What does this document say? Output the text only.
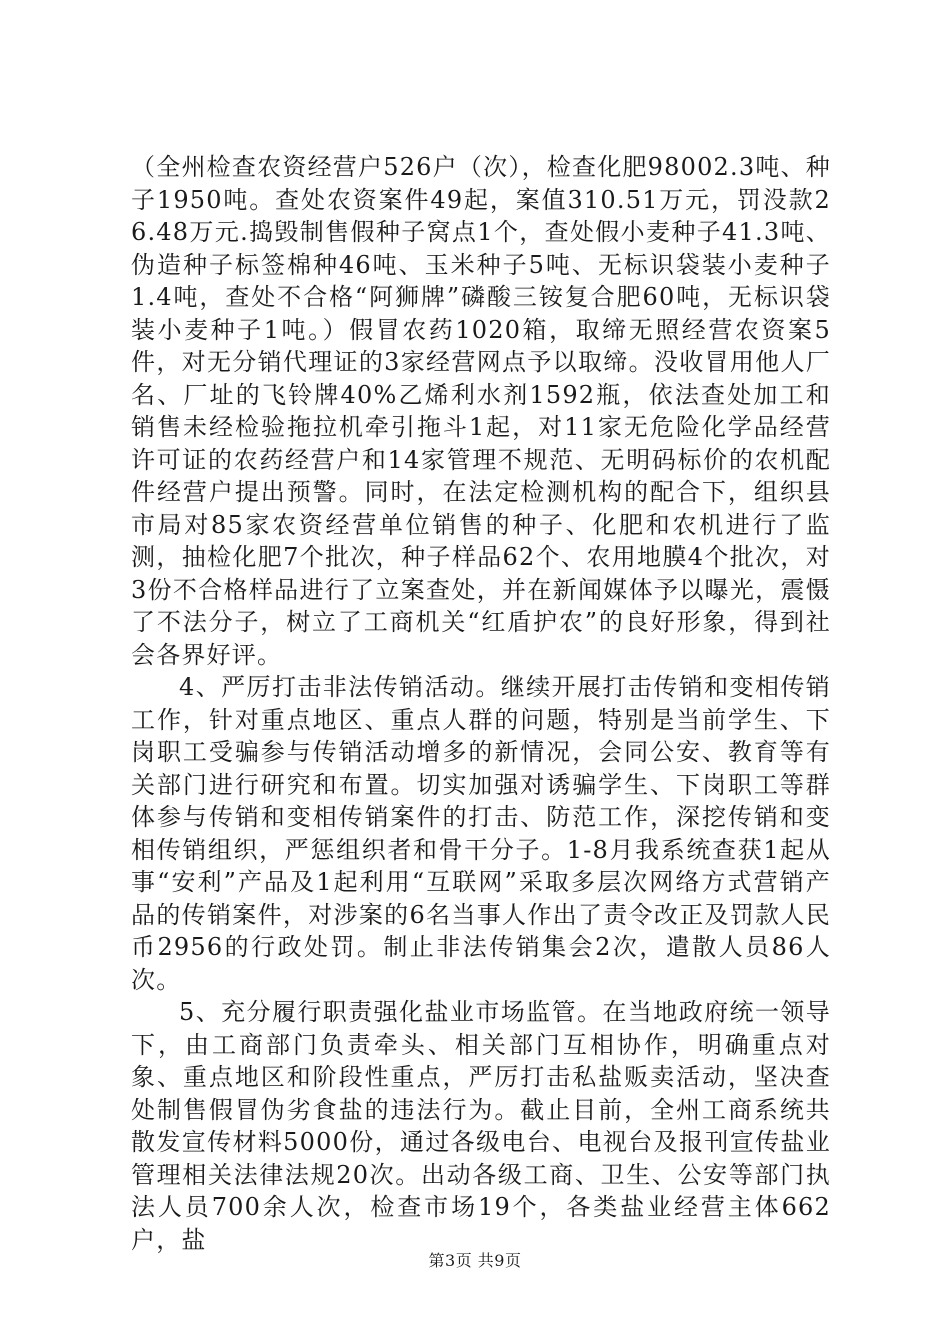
（全州检查农资经营户526户（次），检查化肥98002.3吨、种子1950吨。查处农资案件49起，案值310.51万元，罚没款26.48万元.捣毁制售假种子窝点1个，查处假小麦种子41.3吨、伪造种子标签棉种46吨、玉米种子5吨、无标识袋装小麦种子1.4吨，查处不合格“阿狮牌”磷酸三铵复合肥60吨，无标识袋装小麦种子1吨。）假冒农药1020箱，取缔无照经营农资案5件，对无分销代理证的3家经营网点予以取缔。没收冒用他人厂名、厂址的飞铃牌40%乙烯利水剂1592瓶，依法查处加工和销售未经检验拖拉机牵引拖斗1起，对11家无危险化学品经营许可证的农药经营户和14家管理不规范、无明码标价的农机配件经营户提出预警。同时，在法定检测机构的配合下，组织县市局对85家农资经营单位销售的种子、化肥和农机进行了监测，抽检化肥7个批次，种子样品62个、农用地膜4个批次，对3份不合格样品进行了立案查处，并在新闻媒体予以曝光，震慑了不法分子，树立了工商机关“红盾护农”的良好形象，得到社会各界好评。

4、严厉打击非法传销活动。继续开展打击传销和变相传销工作，针对重点地区、重点人群的问题，特别是当前学生、下岗职工受骗参与传销活动增多的新情况，会同公安、教育等有关部门进行研究和布置。切实加强对诱骗学生、下岗职工等群体参与传销和变相传销案件的打击、防范工作，深挖传销和变相传销组织，严惩组织者和骨干分子。1-8月我系统查获1起从事“安利”产品及1起利用“互联网”采取多层次网络方式营销产品的传销案件，对涉案的6名当事人作出了责令改正及罚款人民币2956的行政处罚。制止非法传销集会2次，遣散人员86人次。

5、充分履行职责强化盐业市场监管。在当地政府统一领导下，由工商部门负责牵头、相关部门互相协作，明确重点对象、重点地区和阶段性重点，严厉打击私盐贩卖活动，坚决查处制售假冒伪劣食盐的违法行为。截止目前，全州工商系统共散发宣传材料5000份，通过各级电台、电视台及报刊宣传盐业管理相关法律法规20次。出动各级工商、卫生、公安等部门执法人员700余人次，检查市场19个，各类盐业经营主体662户，盐

第3页 共9页
